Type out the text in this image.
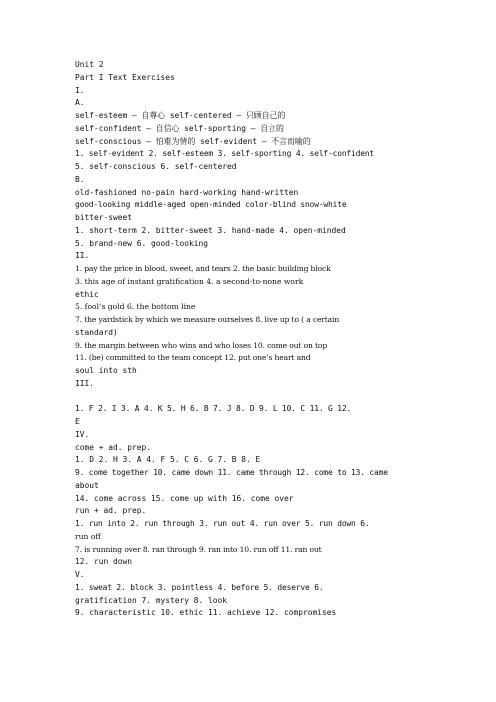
Unit 2
Part I Text Exercises
I.
A.
self-esteem – 自尊心 self-centered – 只顾自己的
self-confident – 自信心 self-sporting – 自立的
self-conscious – 怕难为情的 self-evident – 不言而喻的
1. self-evident 2. self-esteem 3. self-sporting 4. self-confident
5. self-conscious 6. self-centered
B.
old-fashioned no-pain hard-working hand-written
good-looking middle-aged open-minded color-blind snow-white
bitter-sweet
1. short-term 2. bitter-sweet 3. hand-made 4. open-minded
5. brand-new 6. good-looking
II.
1. pay the price in blood, sweet, and tears 2. the basic building block
3. this age of instant gratification 4. a second-to-none work
ethic
5. fool’s gold 6. the bottom line
7. the yardstick by which we measure ourselves 8. live up to ( a certain
standard)
9. the margin between who wins and who loses 10. come out on top
11. (be) committed to the team concept 12. put one’s heart and
soul into sth
III.
1. F 2. I 3. A 4. K 5. H 6. B 7. J 8. D 9. L 10. C 11. G 12.
E
IV.
come + ad. prep.
1. D 2. H 3. A 4. F 5. C 6. G 7. B 8. E
9. come together 10. came down 11. came through 12. come to 13. came
about
14. come across 15. come up with 16. come over
run + ad. prep.
1. run into 2. run through 3. run out 4. run over 5. run down 6.
run off
7. is running over 8. ran through 9. ran into 10. run off 11. ran out
12. run down
V.
1. sweat 2. block 3. pointless 4. before 5. deserve 6.
gratification 7. mystery 8. look
9. characteristic 10. ethic 11. achieve 12. compromises
